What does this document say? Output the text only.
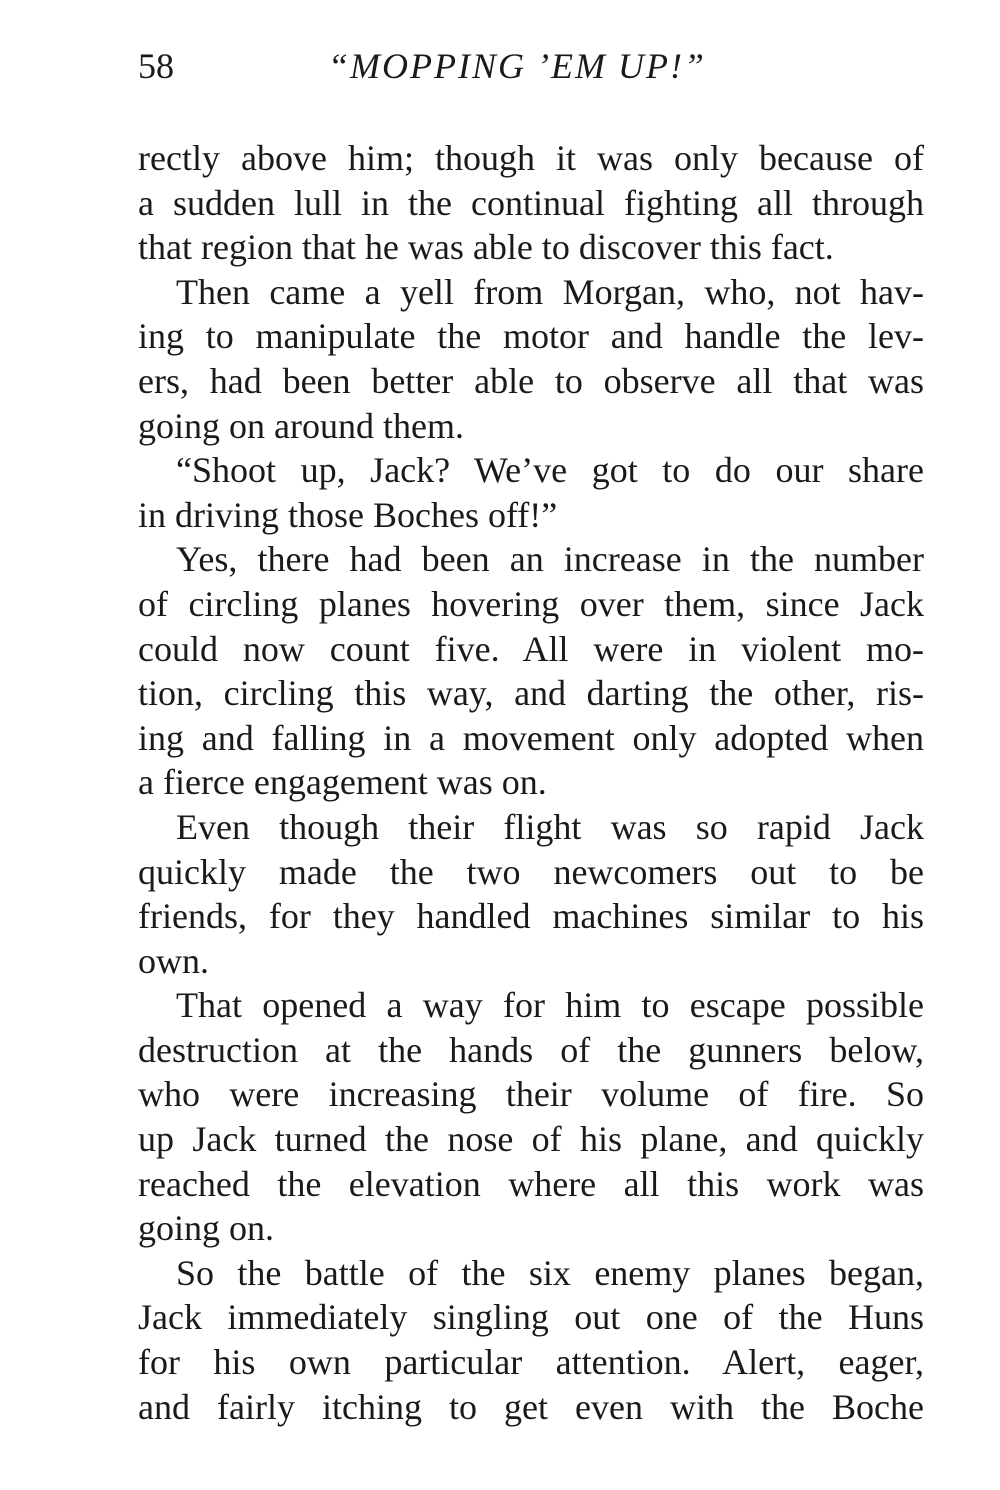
58	“MOPPING ’EM UP!”
rectly above him; though it was only because of
a sudden lull in the continual fighting all through
that region that he was able to discover this fact.
Then came a yell from Morgan, who, not hav-
ing to manipulate the motor and handle the lev-
ers, had been better able to observe all that was
going on around them.
“Shoot up, Jack? We’ve got to do our share
in driving those Boches off!”
Yes, there had been an increase in the number
of circling planes hovering over them, since Jack
could now count five. All were in violent mo-
tion, circling this way, and darting the other, ris-
ing and falling in a movement only adopted when
a fierce engagement was on.
Even though their flight was so rapid Jack
quickly made the two newcomers out to be
friends, for they handled machines similar to his
own.
That opened a way for him to escape possible
destruction at the hands of the gunners below,
who were increasing their volume of fire. So
up Jack turned the nose of his plane, and quickly
reached the elevation where all this work was
going on.
So the battle of the six enemy planes began,
Jack immediately singling out one of the Huns
for his own particular attention. Alert, eager,
and fairly itching to get even with the Boche
